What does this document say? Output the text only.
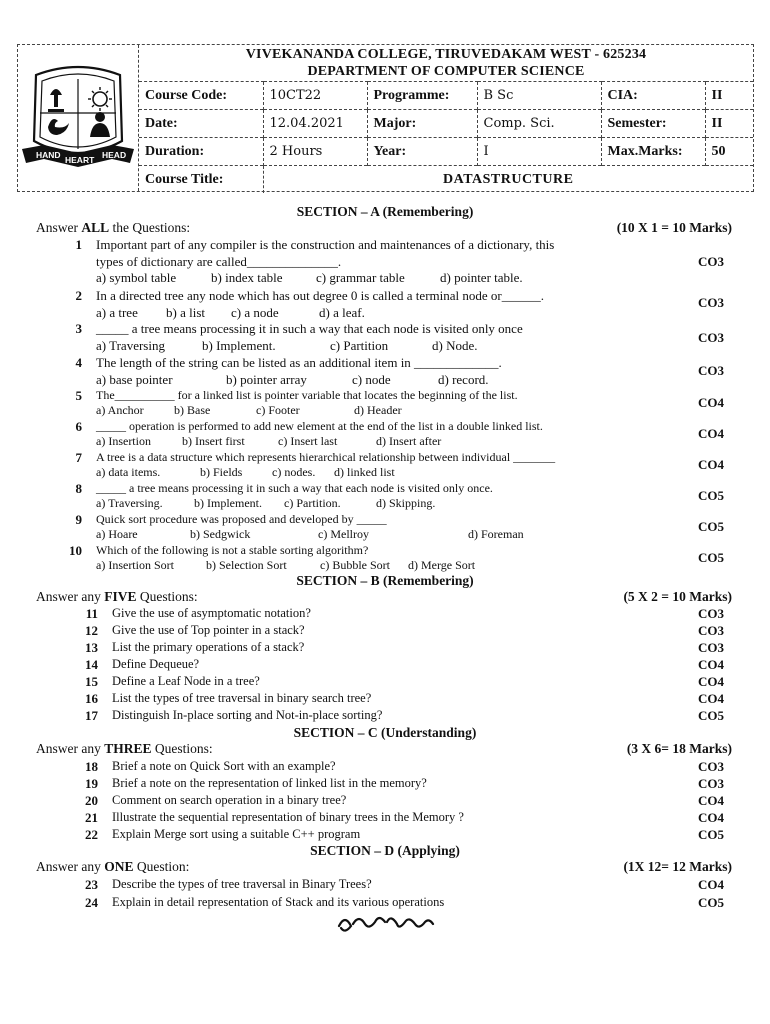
HAND HEART HEAD
VIVEKANANDA COLLEGE, TIRUVEDAKAM WEST - 625234
DEPARTMENT OF COMPUTER SCIENCE
Course Code:	10CT22	Programme:	B Sc	CIA:	II
Date:	12.04.2021	Major:	Comp. Sci.	Semester:	II
Duration:	2 Hours	Year:	I	Max.Marks:	50
Course Title:	DATASTRUCTURE				
SECTION – A (Remembering)
Answer ALL the Questions:	(10 X 1 = 10 Marks)
1 Important part of any compiler is the construction and maintenances of a dictionary, this
types of dictionary are called______________.
a) symbol table	b) index table	c) grammar table	d) pointer table.
CO3
2 In a directed tree any node which has out degree 0 is called a terminal node or______.
a) a tree b) a list c) a node	d) a leaf.
CO3
3 _____ a tree means processing it in such a way that each node is visited only once
a) Traversing	b) Implement.	c) Partition	d) Node.	CO3
4 The length of the string can be listed as an additional item in _____________.
a) base pointer	b) pointer array	c) node	d) record.
CO3
5 The__________ for a linked list is pointer variable that locates the beginning of the list.
a) Anchor	b) Base	c) Footer	d) Header	CO4
6 _____ operation is performed to add new element at the end of the list in a double linked list.
a) Insertion	b) Insert first	c) Insert last	d) Insert after	CO4
7 A tree is a data structure which represents hierarchical relationship between individual _______
a) data items.	b) Fields c) nodes. d) linked list	CO4
8 _____ a tree means processing it in such a way that each node is visited only once.
a) Traversing.	b) Implement. c) Partition.	d) Skipping.	CO5
9 Quick sort procedure was proposed and developed by _____
a) Hoare	b) Sedgwick	c) Mellroy	d) Foreman	CO5
10 Which of the following is not a stable sorting algorithm?
a) Insertion Sort	b) Selection Sort	c) Bubble Sort d) Merge Sort	CO5
SECTION – B (Remembering)
Answer any FIVE Questions:	(5 X 2 = 10 Marks)
11 Give the use of asymptomatic notation?	CO3
12 Give the use of Top pointer in a stack?	CO3
13 List the primary operations of a stack?	CO3
14 Define Dequeue?	CO4
15 Define a Leaf Node in a tree?	CO4
16 List the types of tree traversal in binary search tree?	CO4
17 Distinguish In-place sorting and Not-in-place sorting?	CO5
SECTION – C (Understanding)
Answer any THREE Questions:	(3 X 6= 18 Marks)
18 Brief a note on Quick Sort with an example?	CO3
19 Brief a note on the representation of linked list in the memory?	CO3
20 Comment on search operation in a binary tree?	CO4
21 Illustrate the sequential representation of binary trees in the Memory ?	CO4
22 Explain Merge sort using a suitable C++ program	CO5
SECTION – D (Applying)
Answer any ONE Question:	(1X 12= 12 Marks)
23 Describe the types of tree traversal in Binary Trees?	CO4
24 Explain in detail representation of Stack and its various operations	CO5
